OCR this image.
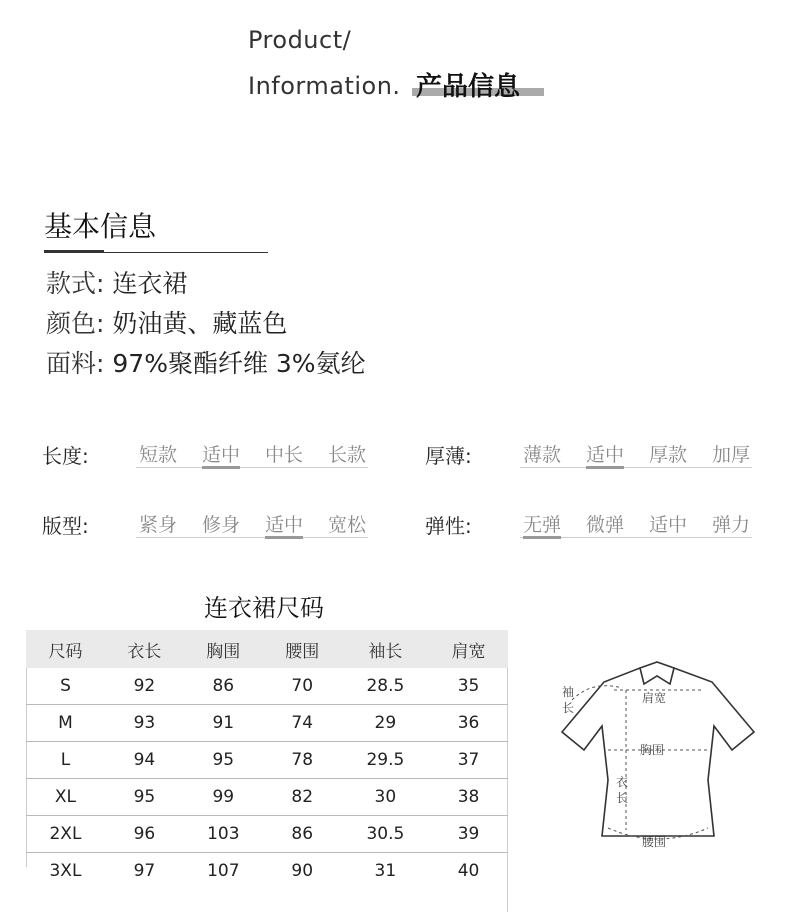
Product/
Information. 产品信息
基本信息
款式: 连衣裙
颜色: 奶油黄、藏蓝色
面料: 97%聚酯纤维 3%氨纶
长度:	短款 适中 中长 长款	厚薄:	薄款 适中 厚款 加厚
版型:	紧身 修身 适中 宽松	弹性:	无弹 微弹 适中 弹力
连衣裙尺码
尺码	衣长	胸围	腰围	袖长	肩宽
S	92	86	70	28.5	35
M	93	91	74	29	36
L	94	95	78	29.5	37
XL	95	99	82	30	38
2XL	96	103	86	30.5	39
3XL	97	107	90	31	40
袖
长
肩宽
胸围
衣
长
腰围
